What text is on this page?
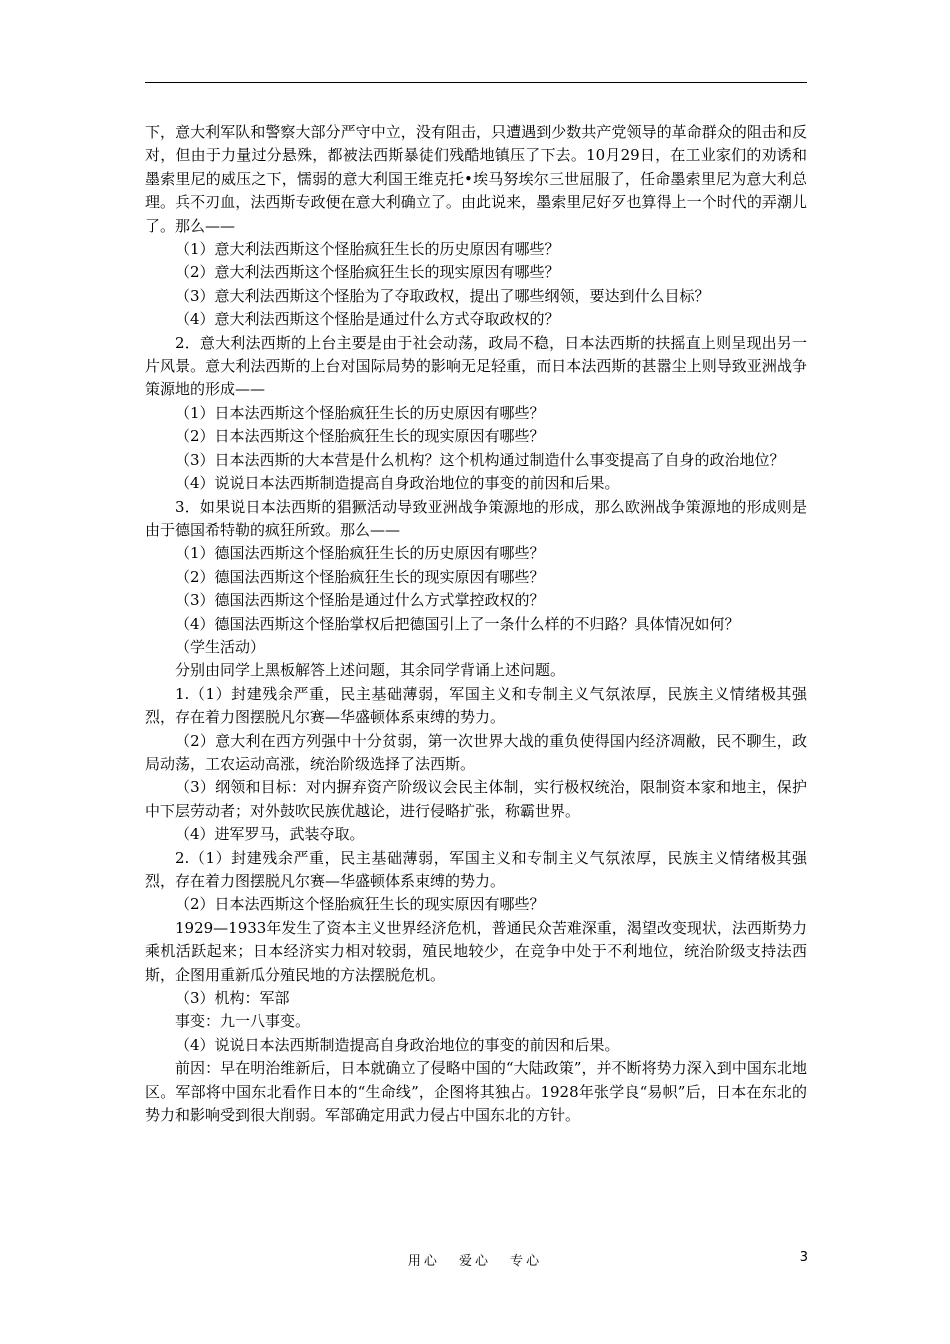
下，意大利军队和警察大部分严守中立，没有阻击，只遭遇到少数共产党领导的革命群众的阻击和反对，但由于力量过分悬殊，都被法西斯暴徒们残酷地镇压了下去。10月29日，在工业家们的劝诱和墨索里尼的威压之下，懦弱的意大利国王维克托•埃马努埃尔三世屈服了，任命墨索里尼为意大利总理。兵不刃血，法西斯专政便在意大利确立了。由此说来，墨索里尼好歹也算得上一个时代的弄潮儿了。那么——

（1）意大利法西斯这个怪胎疯狂生长的历史原因有哪些？

（2）意大利法西斯这个怪胎疯狂生长的现实原因有哪些？

（3）意大利法西斯这个怪胎为了夺取政权，提出了哪些纲领，要达到什么目标？

（4）意大利法西斯这个怪胎是通过什么方式夺取政权的？

2．意大利法西斯的上台主要是由于社会动荡，政局不稳，日本法西斯的扶摇直上则呈现出另一片风景。意大利法西斯的上台对国际局势的影响无足轻重，而日本法西斯的甚嚣尘上则导致亚洲战争策源地的形成——

（1）日本法西斯这个怪胎疯狂生长的历史原因有哪些？

（2）日本法西斯这个怪胎疯狂生长的现实原因有哪些？

（3）日本法西斯的大本营是什么机构？这个机构通过制造什么事变提高了自身的政治地位？

（4）说说日本法西斯制造提高自身政治地位的事变的前因和后果。

3．如果说日本法西斯的猖獗活动导致亚洲战争策源地的形成，那么欧洲战争策源地的形成则是由于德国希特勒的疯狂所致。那么——

（1）德国法西斯这个怪胎疯狂生长的历史原因有哪些？

（2）德国法西斯这个怪胎疯狂生长的现实原因有哪些？

（3）德国法西斯这个怪胎是通过什么方式掌控政权的？

（4）德国法西斯这个怪胎掌权后把德国引上了一条什么样的不归路？具体情况如何？

（学生活动）

分别由同学上黑板解答上述问题，其余同学背诵上述问题。

1.（1）封建残余严重，民主基础薄弱，军国主义和专制主义气氛浓厚，民族主义情绪极其强烈，存在着力图摆脱凡尔赛—华盛顿体系束缚的势力。

（2）意大利在西方列强中十分贫弱，第一次世界大战的重负使得国内经济凋敝，民不聊生，政局动荡，工农运动高涨，统治阶级选择了法西斯。

（3）纲领和目标：对内摒弃资产阶级议会民主体制，实行极权统治，限制资本家和地主，保护中下层劳动者；对外鼓吹民族优越论，进行侵略扩张，称霸世界。

（4）进军罗马，武装夺取。

2.（1）封建残余严重，民主基础薄弱，军国主义和专制主义气氛浓厚，民族主义情绪极其强烈，存在着力图摆脱凡尔赛—华盛顿体系束缚的势力。

（2）日本法西斯这个怪胎疯狂生长的现实原因有哪些？

1929—1933年发生了资本主义世界经济危机，普通民众苦难深重，渴望改变现状，法西斯势力乘机活跃起来；日本经济实力相对较弱，殖民地较少，在竞争中处于不利地位，统治阶级支持法西斯，企图用重新瓜分殖民地的方法摆脱危机。

（3）机构：军部

事变：九一八事变。

（4）说说日本法西斯制造提高自身政治地位的事变的前因和后果。

前因：早在明治维新后，日本就确立了侵略中国的“大陆政策”，并不断将势力深入到中国东北地区。军部将中国东北看作日本的“生命线”，企图将其独占。1928年张学良“易帜”后，日本在东北的势力和影响受到很大削弱。军部确定用武力侵占中国东北的方针。

用心 爱心 专心	3
